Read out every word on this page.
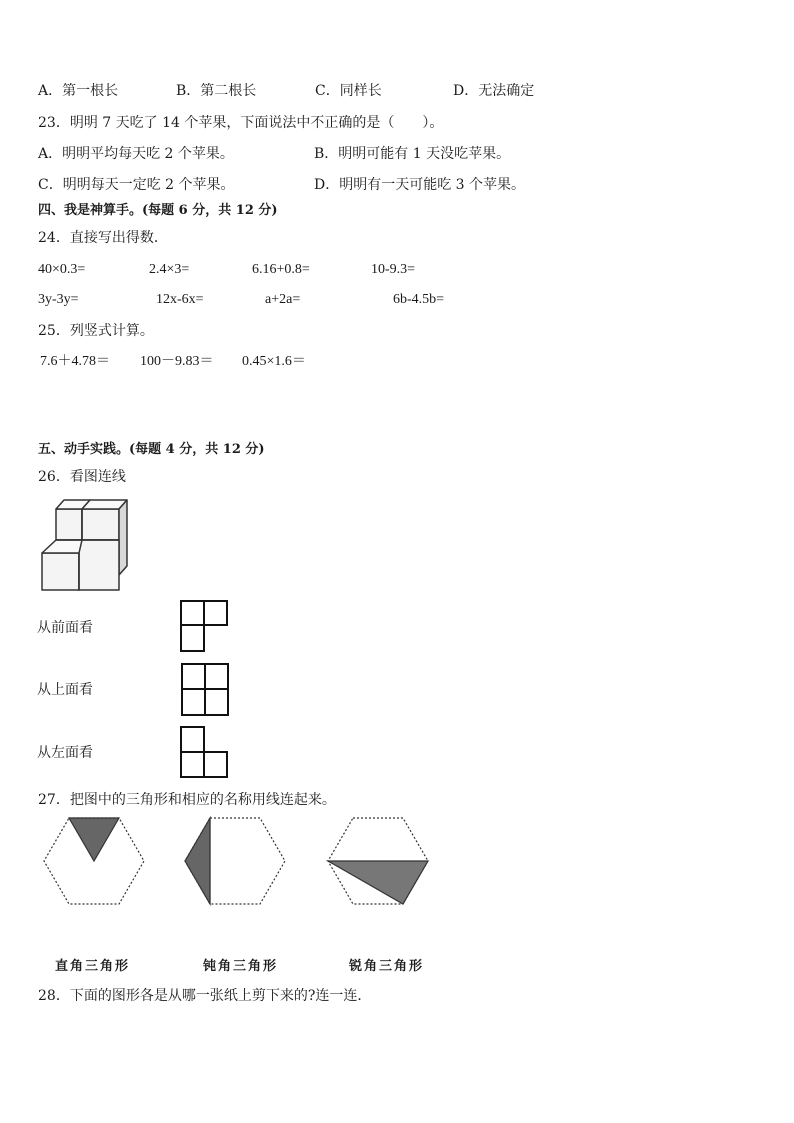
A．第一根长	B．第二根长	C．同样长	D．无法确定
23．明明 7 天吃了 14 个苹果，下面说法中不正确的是（　　）。
A．明明平均每天吃 2 个苹果。	B．明明可能有 1 天没吃苹果。
C．明明每天一定吃 2 个苹果。	D．明明有一天可能吃 3 个苹果。
四、我是神算手。(每题 6 分，共 12 分)
24．直接写出得数．
40×0.3=	2.4×3=	6.16+0.8=	10-9.3=
3y-3y=	12x-6x=	a+2a=	6b-4.5b=
25．列竖式计算。
7.6＋4.78＝ 100－9.83＝ 0.45×1.6＝
五、动手实践。(每题 4 分，共 12 分)
26．看图连线
从前面看
从上面看
从左面看
27．把图中的三角形和相应的名称用线连起来。
直角三角形	钝角三角形	锐角三角形
28．下面的图形各是从哪一张纸上剪下来的?连一连．
